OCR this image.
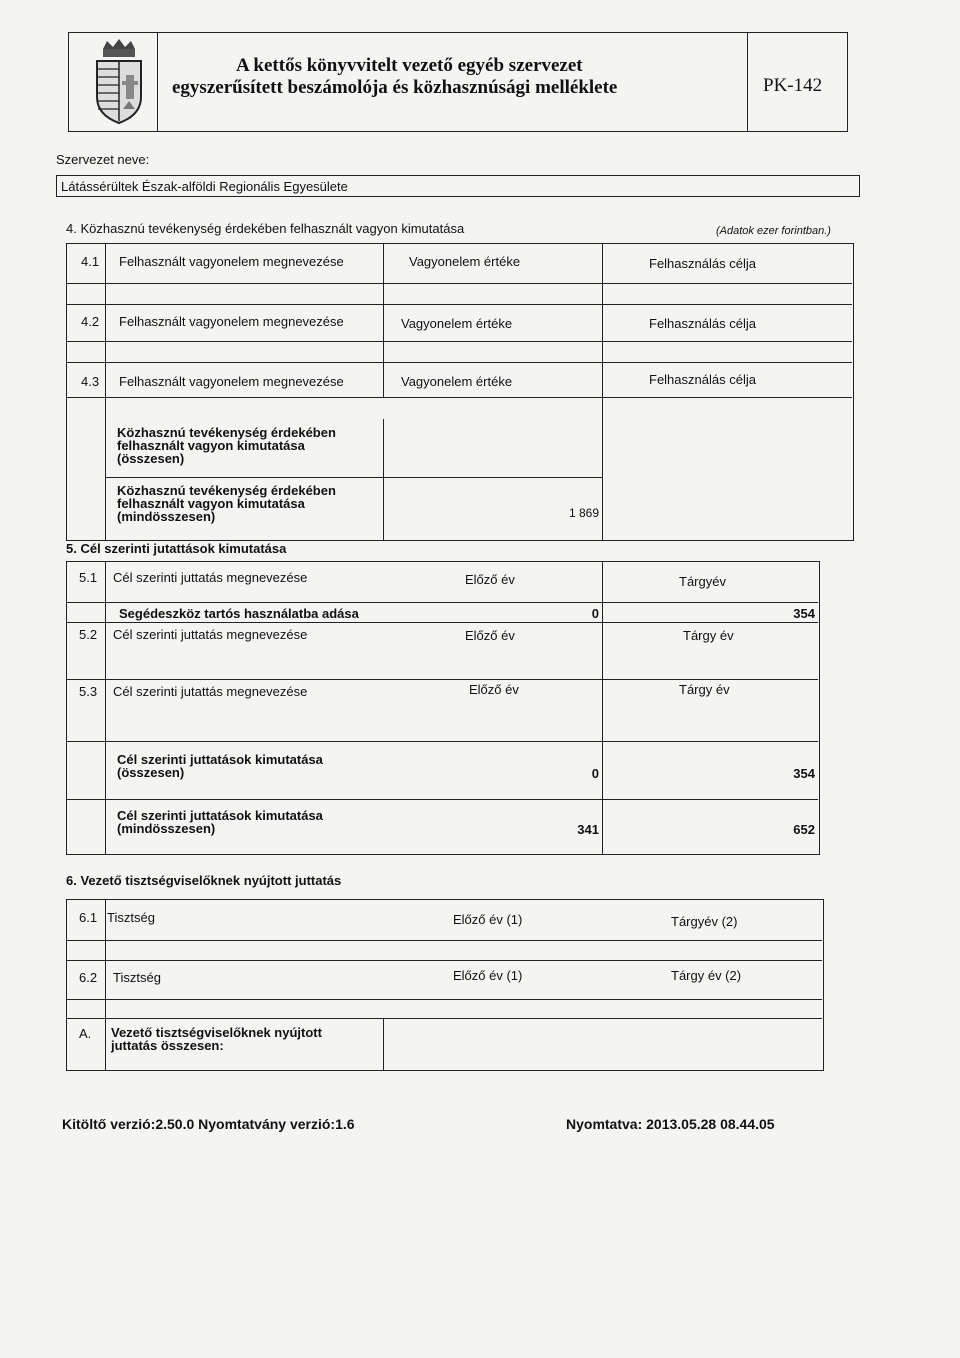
A kettős könyvvitelt vezető egyéb szervezet
egyszerűsített beszámolója és közhasznúsági melléklete	PK-142
Szervezet neve:
Látássérültek Észak-alföldi Regionális Egyesülete
4. Közhasznú tevékenység érdekében felhasznált vagyon kimutatása	(Adatok ezer forintban.)
4.1 Felhasznált vagyonelem megnevezése	Vagyonelem értéke	Felhasználás célja
4.2 Felhasznált vagyonelem megnevezése	Vagyonelem értéke	Felhasználás célja
4.3 Felhasznált vagyonelem megnevezése	Vagyonelem értéke	Felhasználás célja
Közhasznú tevékenység érdekében
felhasznált vagyon kimutatása
(összesen)
Közhasznú tevékenység érdekében
felhasznált vagyon kimutatása
(mindösszesen)	1 869
5. Cél szerinti jutattások kimutatása
5.1 Cél szerinti juttatás megnevezése	Előző év	Tárgyév
Segédeszköz tartós használatba adása	0	354
5.2 Cél szerinti juttatás megnevezése	Előző év	Tárgy év
5.3 Cél szerinti jutattás megnevezése	Előző év	Tárgy év
Cél szerinti juttatások kimutatása
(összesen)	0	354
Cél szerinti juttatások kimutatása
(mindösszesen)	341	652
6. Vezető tisztségviselőknek nyújtott juttatás
6.1 Tisztség	Előző év (1)	Tárgyév (2)
6.2 Tisztség	Előző év (1)	Tárgy év (2)
A. Vezető tisztségviselőknek nyújtott
juttatás összesen:
Kitöltő verzió:2.50.0 Nyomtatvány verzió:1.6	Nyomtatva: 2013.05.28 08.44.05
